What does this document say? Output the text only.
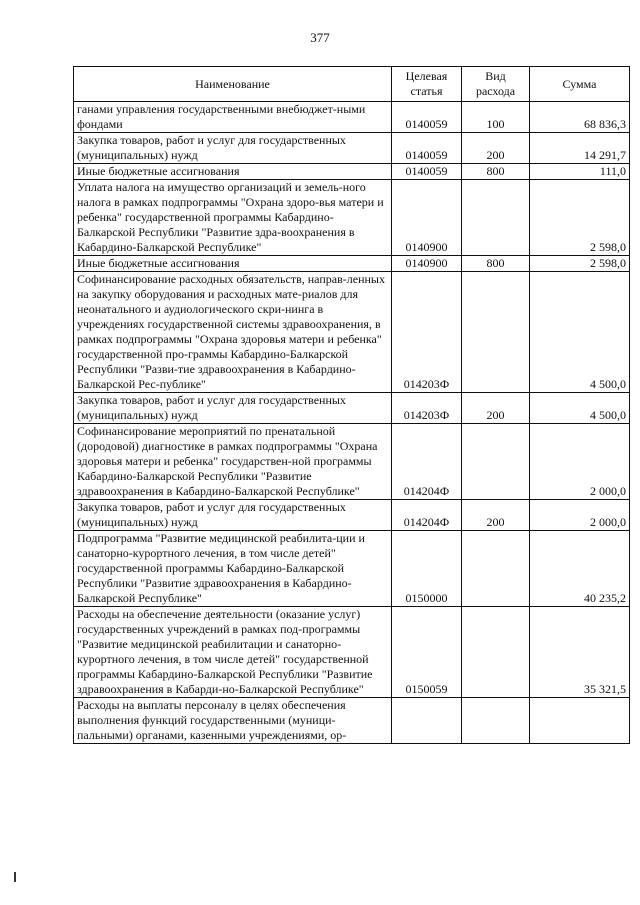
377
Наименование	Целевая статья	Вид расхода	Сумма
ганами управления государственными внебюджет-ными фондами	0140059	100	68 836,3
Закупка товаров, работ и услуг для государственных (муниципальных) нужд	0140059	200	14 291,7
Иные бюджетные ассигнования	0140059	800	111,0
Уплата налога на имущество организаций и земель-ного налога в рамках подпрограммы "Охрана здоро-вья матери и ребенка" государственной программы Кабардино-Балкарской Республики "Развитие здра-воохранения в Кабардино-Балкарской Республике"	0140900		2 598,0
Иные бюджетные ассигнования	0140900	800	2 598,0
Софинансирование расходных обязательств, направ-ленных на закупку оборудования и расходных мате-риалов для неонатального и аудиологического скри-нинга в учреждениях государственной системы здравоохранения, в рамках подпрограммы "Охрана здоровья матери и ребенка" государственной про-граммы Кабардино-Балкарской Республики "Разви-тие здравоохранения в Кабардино-Балкарской Рес-публике"	014203Ф		4 500,0
Закупка товаров, работ и услуг для государственных (муниципальных) нужд	014203Ф	200	4 500,0
Софинансирование мероприятий по пренатальной (дородовой) диагностике в рамках подпрограммы "Охрана здоровья матери и ребенка" государствен-ной программы Кабардино-Балкарской Республики "Развитие здравоохранения в Кабардино-Балкарской Республике"	014204Ф		2 000,0
Закупка товаров, работ и услуг для государственных (муниципальных) нужд	014204Ф	200	2 000,0
Подпрограмма "Развитие медицинской реабилита-ции и санаторно-курортного лечения, в том числе детей" государственной программы Кабардино-Балкарской Республики "Развитие здравоохранения в Кабардино-Балкарской Республике"	0150000		40 235,2
Расходы на обеспечение деятельности (оказание услуг) государственных учреждений в рамках под-программы "Развитие медицинской реабилитации и санаторно-курортного лечения, в том числе детей" государственной программы Кабардино-Балкарской Республики "Развитие здравоохранения в Кабарди-но-Балкарской Республике"	0150059		35 321,5
Расходы на выплаты персоналу в целях обеспечения выполнения функций государственными (муници-пальными) органами, казенными учреждениями, ор-			
